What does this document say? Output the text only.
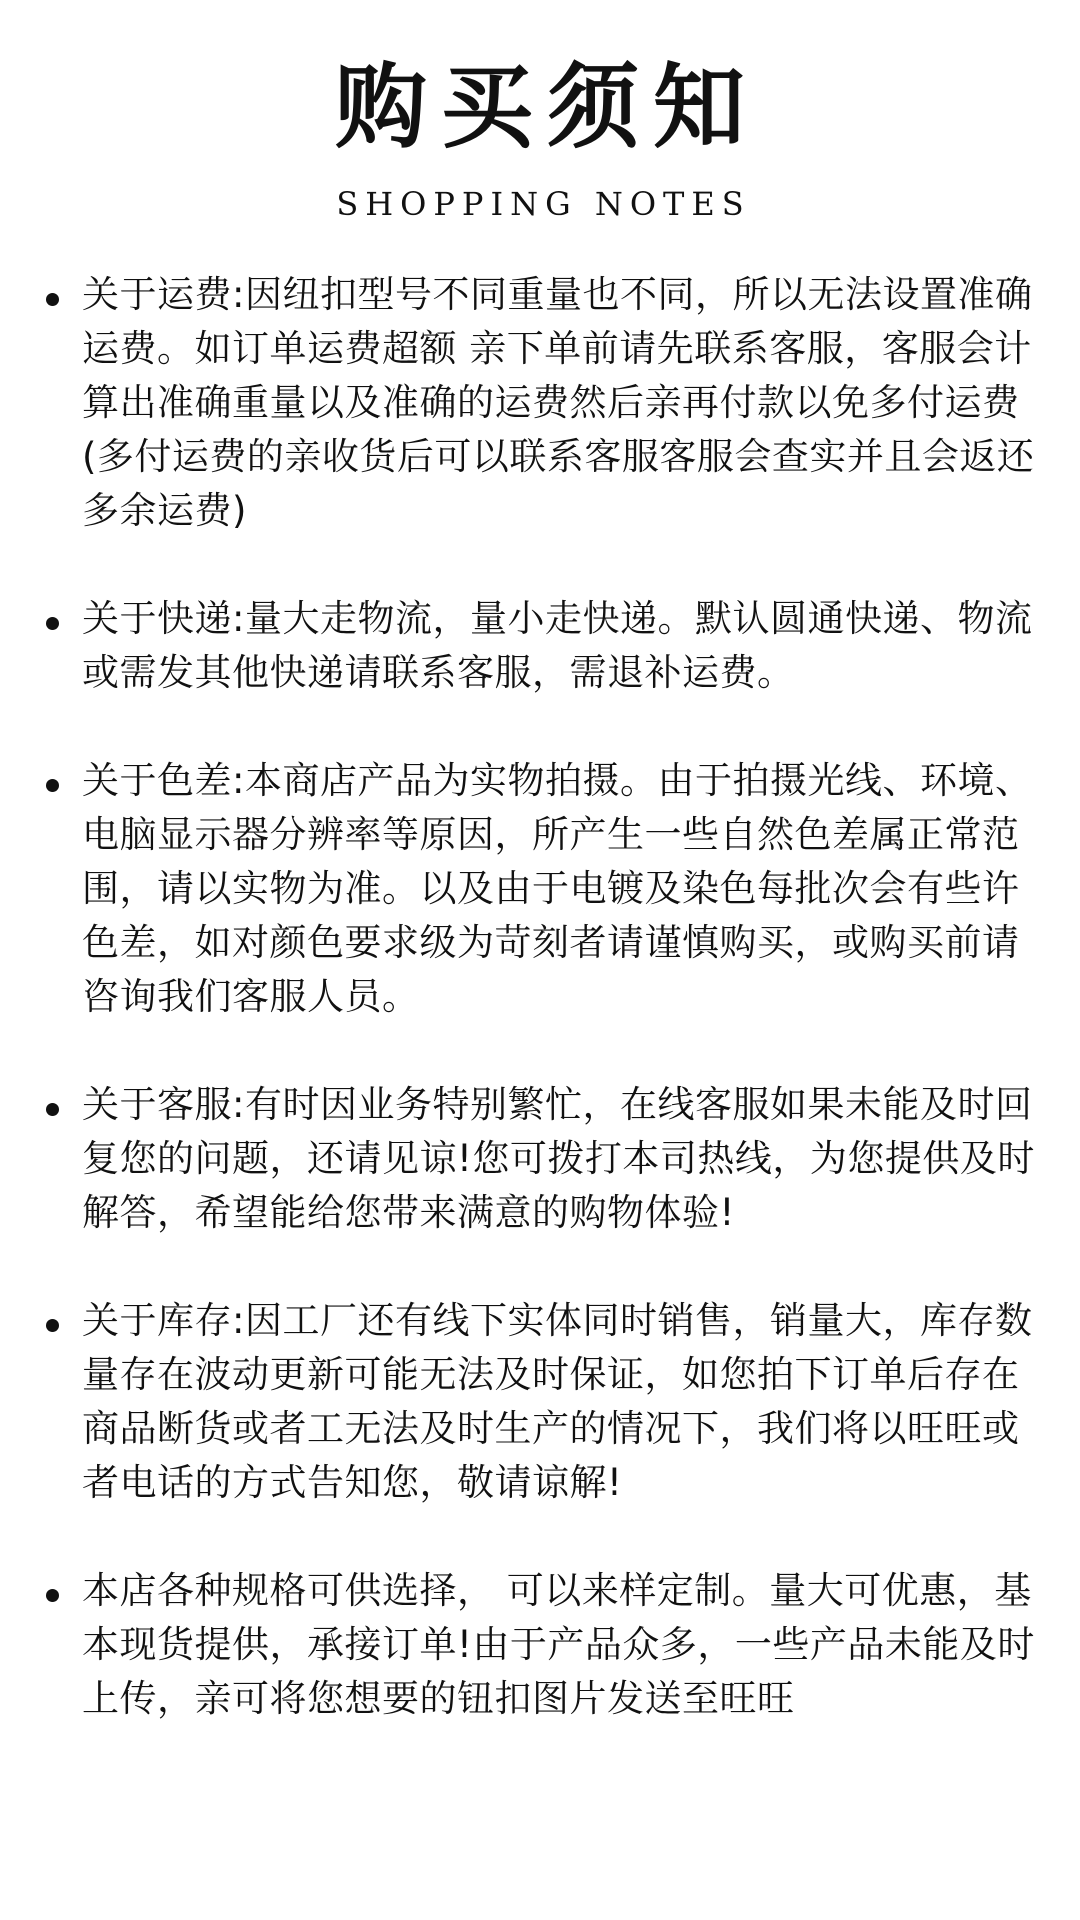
购买须知
SHOPPING NOTES
关于运费:因纽扣型号不同重量也不同，所以无法设置准确运费。如订单运费超额 亲下单前请先联系客服，客服会计算出准确重量以及准确的运费然后亲再付款以免多付运费 (多付运费的亲收货后可以联系客服客服会查实并且会返还多余运费)
关于快递:量大走物流，量小走快递。默认圆通快递、物流或需发其他快递请联系客服，需退补运费。
关于色差:本商店产品为实物拍摄。由于拍摄光线、环境、电脑显示器分辨率等原因，所产生一些自然色差属正常范围，请以实物为准。以及由于电镀及染色每批次会有些许色差，如对颜色要求级为苛刻者请谨慎购买，或购买前请咨询我们客服人员。
关于客服:有时因业务特别繁忙，在线客服如果未能及时回复您的问题，还请见谅!您可拨打本司热线，为您提供及时解答，希望能给您带来满意的购物体验!
关于库存:因工厂还有线下实体同时销售，销量大，库存数量存在波动更新可能无法及时保证，如您拍下订单后存在商品断货或者工无法及时生产的情况下，我们将以旺旺或者电话的方式告知您，敬请谅解!
本店各种规格可供选择， 可以来样定制。量大可优惠，基本现货提供，承接订单!由于产品众多，一些产品未能及时上传，亲可将您想要的钮扣图片发送至旺旺
